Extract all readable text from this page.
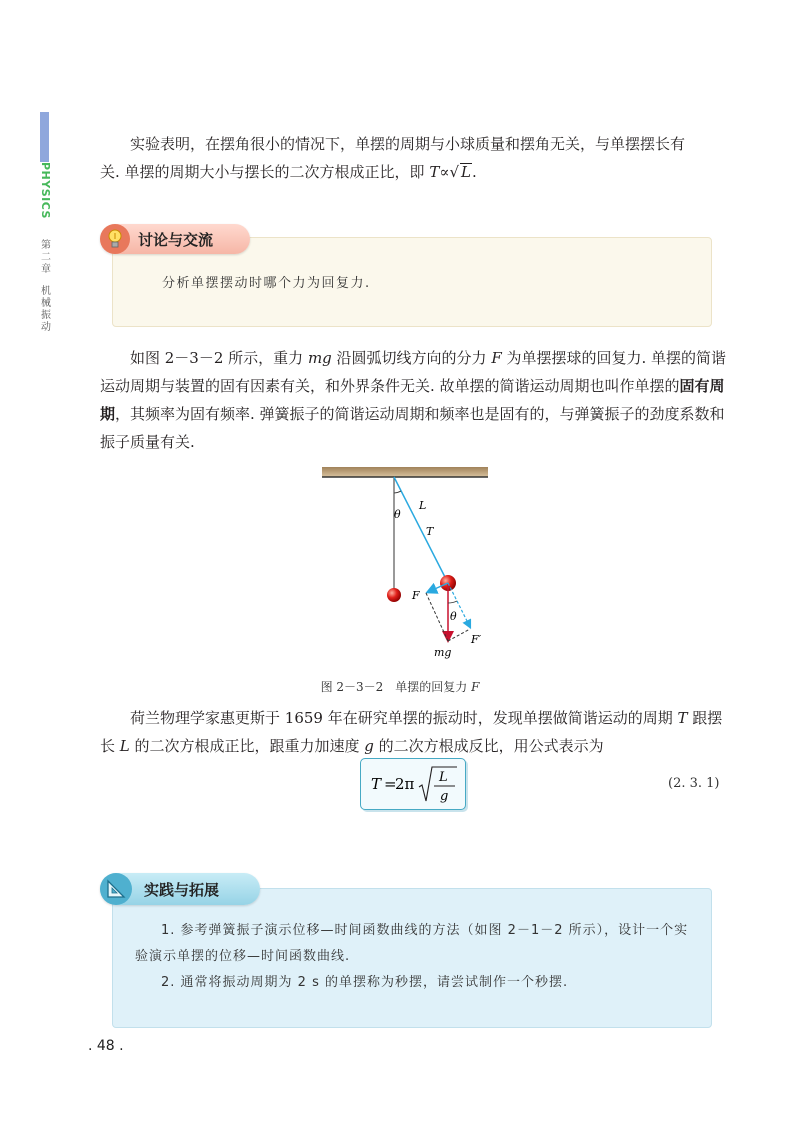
PHYSICS
第
二
章
机
械
振
动

实验表明，在摆角很小的情况下，单摆的周期与小球质量和摆角无关，与单摆摆长有

关. 单摆的周期大小与摆长的二次方根成正比，即 T∝√ L.

讨论与交流
分析单摆摆动时哪个力为回复力.

如图 2－3－2 所示，重力 mg 沿圆弧切线方向的分力 F 为单摆摆球的回复力. 单摆的简谐运动周期与装置的固有因素有关，和外界条件无关. 故单摆的简谐运动周期也叫作单摆的固有周期，其频率为固有频率. 弹簧振子的简谐运动周期和频率也是固有的，与弹簧振子的劲度系数和振子质量有关.

L
T
θ
F
θ
F′
mg
图 2－3－2　单摆的回复力 F

荷兰物理学家惠更斯于 1659 年在研究单摆的振动时，发现单摆做简谐运动的周期 T 跟摆长 L 的二次方根成正比，跟重力加速度 g 的二次方根成反比，用公式表示为

T =
2π L
g
(2. 3. 1)
实践与拓展

1. 参考弹簧振子演示位移—时间函数曲线的方法（如图 2－1－2 所示），设计一个实验演示单摆的位移—时间函数曲线.

2. 通常将振动周期为 2 s 的单摆称为秒摆，请尝试制作一个秒摆.

. 48 .
